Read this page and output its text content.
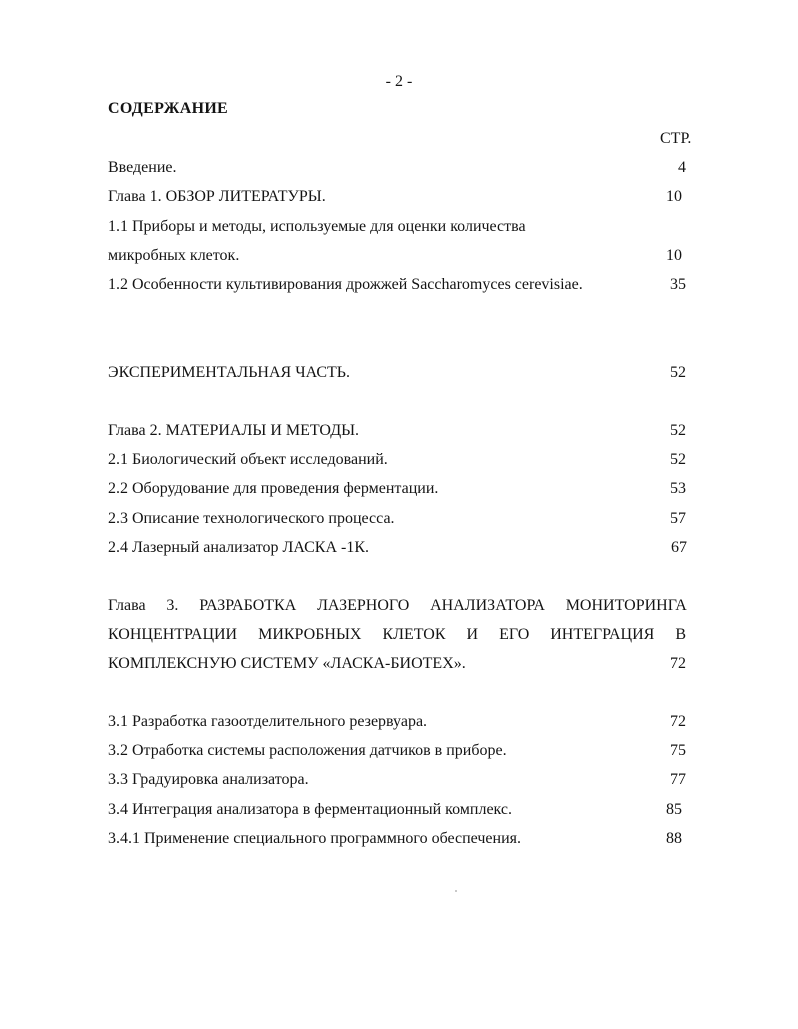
- 2 -
СОДЕРЖАНИЕ
СТР.
Введение.	4
Глава 1. ОБЗОР ЛИТЕРАТУРЫ.	10
1.1 Приборы и методы, используемые для оценки количества
микробных клеток.	10
1.2 Особенности культивирования дрожжей Saccharomyces cerevisiae.	35
ЭКСПЕРИМЕНТАЛЬНАЯ ЧАСТЬ.	52
Глава 2. МАТЕРИАЛЫ И МЕТОДЫ.	52
2.1 Биологический объект исследований.	52
2.2 Оборудование для проведения ферментации.	53
2.3 Описание технологического процесса.	57
2.4 Лазерный анализатор ЛАСКА -1К.	67
Глава 3. РАЗРАБОТКА ЛАЗЕРНОГО АНАЛИЗАТОРА МОНИТОРИНГА
КОНЦЕНТРАЦИИ МИКРОБНЫХ КЛЕТОК И ЕГО ИНТЕГРАЦИЯ В
КОМПЛЕКСНУЮ СИСТЕМУ «ЛАСКА-БИОТЕХ».	72
3.1 Разработка газоотделительного резервуара.	72
3.2 Отработка системы расположения датчиков в приборе.	75
3.3 Градуировка анализатора.	77
3.4 Интеграция анализатора в ферментационный комплекс.	85
3.4.1 Применение специального программного обеспечения.	88
